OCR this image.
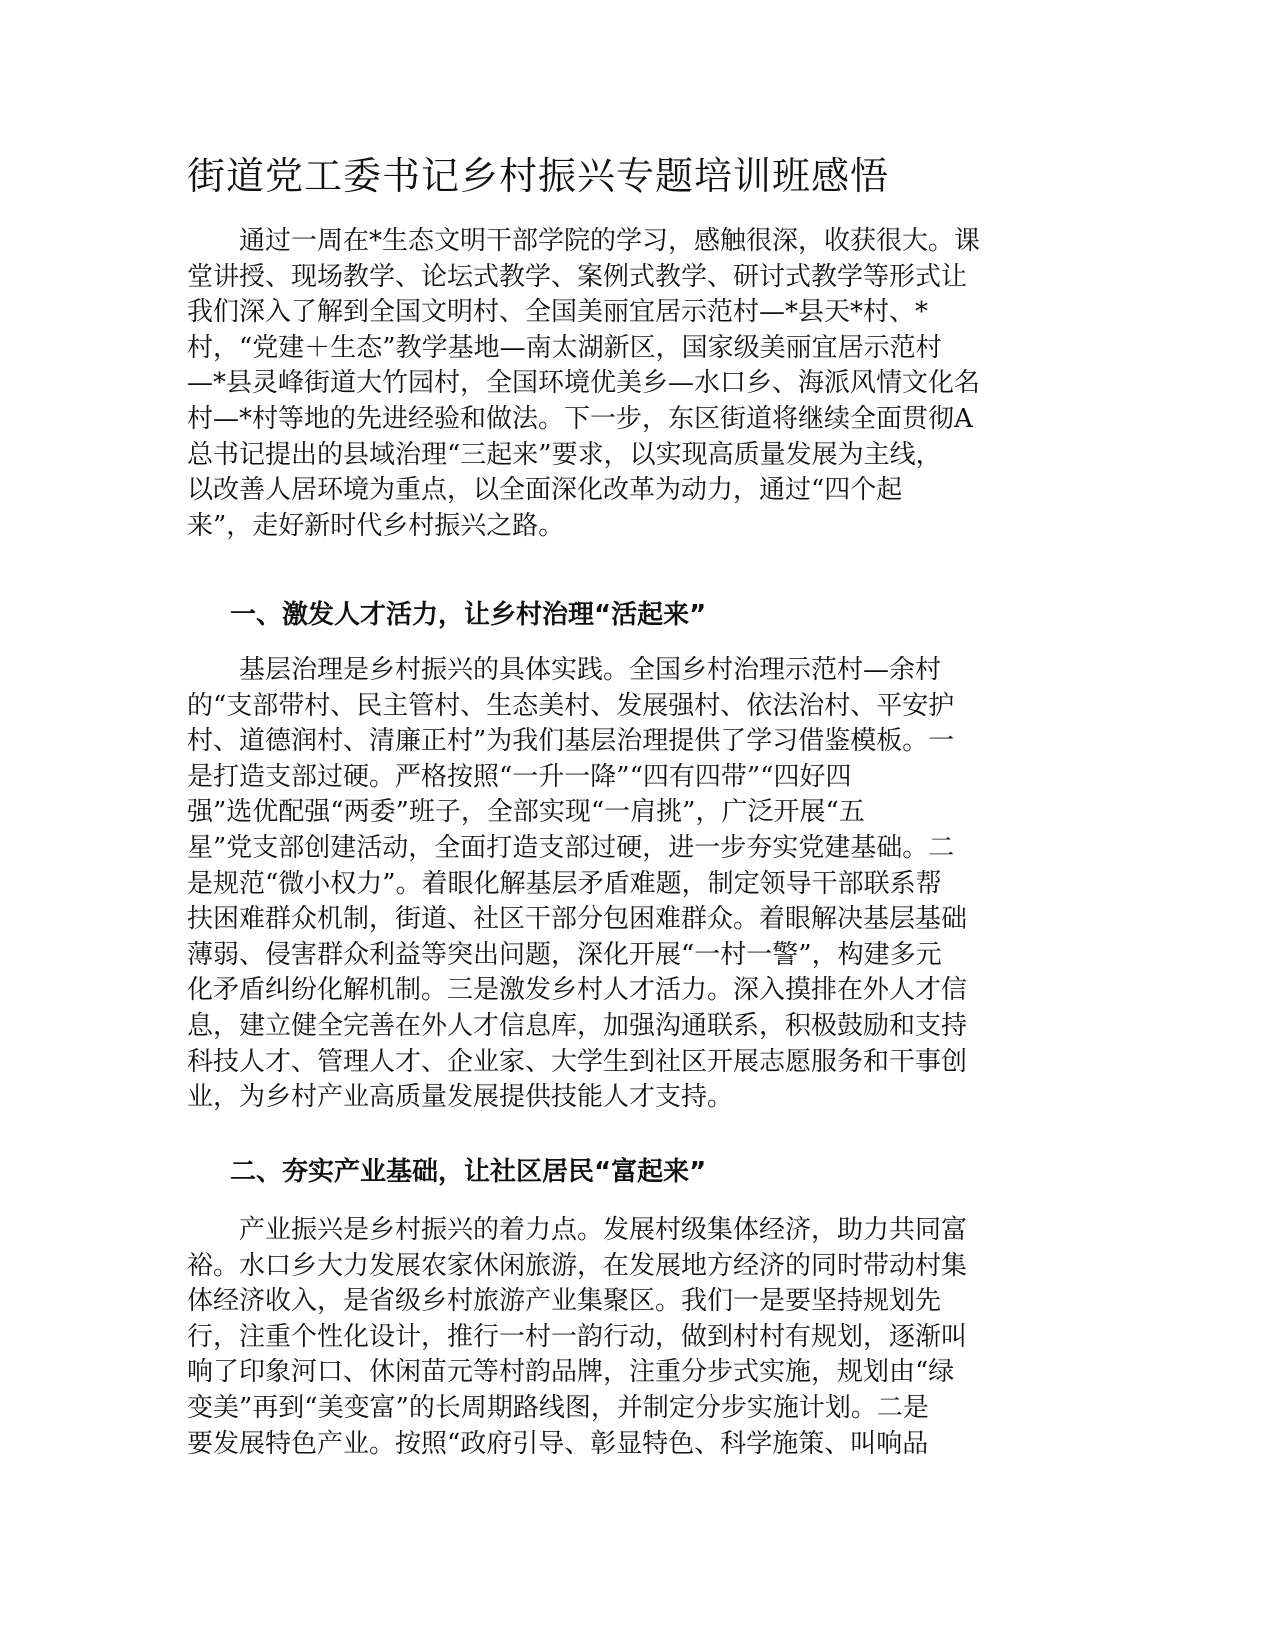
街道党工委书记乡村振兴专题培训班感悟
　　通过一周在*生态文明干部学院的学习，感触很深，收获很大。课
堂讲授、现场教学、论坛式教学、案例式教学、研讨式教学等形式让
我们深入了解到全国文明村、全国美丽宜居示范村—*县天*村、*
村，“党建＋生态”教学基地—南太湖新区，国家级美丽宜居示范村
—*县灵峰街道大竹园村，全国环境优美乡—水口乡、海派风情文化名
村—*村等地的先进经验和做法。下一步，东区街道将继续全面贯彻A
总书记提出的县域治理“三起来”要求，以实现高质量发展为主线，
以改善人居环境为重点，以全面深化改革为动力，通过“四个起
来”，走好新时代乡村振兴之路。
一、激发人才活力，让乡村治理“活起来”
　　基层治理是乡村振兴的具体实践。全国乡村治理示范村—余村
的“支部带村、民主管村、生态美村、发展强村、依法治村、平安护
村、道德润村、清廉正村”为我们基层治理提供了学习借鉴模板。一
是打造支部过硬。严格按照“一升一降”“四有四带”“四好四
强”选优配强“两委”班子，全部实现“一肩挑”，广泛开展“五
星”党支部创建活动，全面打造支部过硬，进一步夯实党建基础。二
是规范“微小权力”。着眼化解基层矛盾难题，制定领导干部联系帮
扶困难群众机制，街道、社区干部分包困难群众。着眼解决基层基础
薄弱、侵害群众利益等突出问题，深化开展“一村一警”，构建多元
化矛盾纠纷化解机制。三是激发乡村人才活力。深入摸排在外人才信
息，建立健全完善在外人才信息库，加强沟通联系，积极鼓励和支持
科技人才、管理人才、企业家、大学生到社区开展志愿服务和干事创
业，为乡村产业高质量发展提供技能人才支持。
二、夯实产业基础，让社区居民“富起来”
　　产业振兴是乡村振兴的着力点。发展村级集体经济，助力共同富
裕。水口乡大力发展农家休闲旅游，在发展地方经济的同时带动村集
体经济收入，是省级乡村旅游产业集聚区。我们一是要坚持规划先
行，注重个性化设计，推行一村一韵行动，做到村村有规划，逐渐叫
响了印象河口、休闲苗元等村韵品牌，注重分步式实施，规划由“绿
变美”再到“美变富”的长周期路线图，并制定分步实施计划。二是
要发展特色产业。按照“政府引导、彰显特色、科学施策、叫响品
